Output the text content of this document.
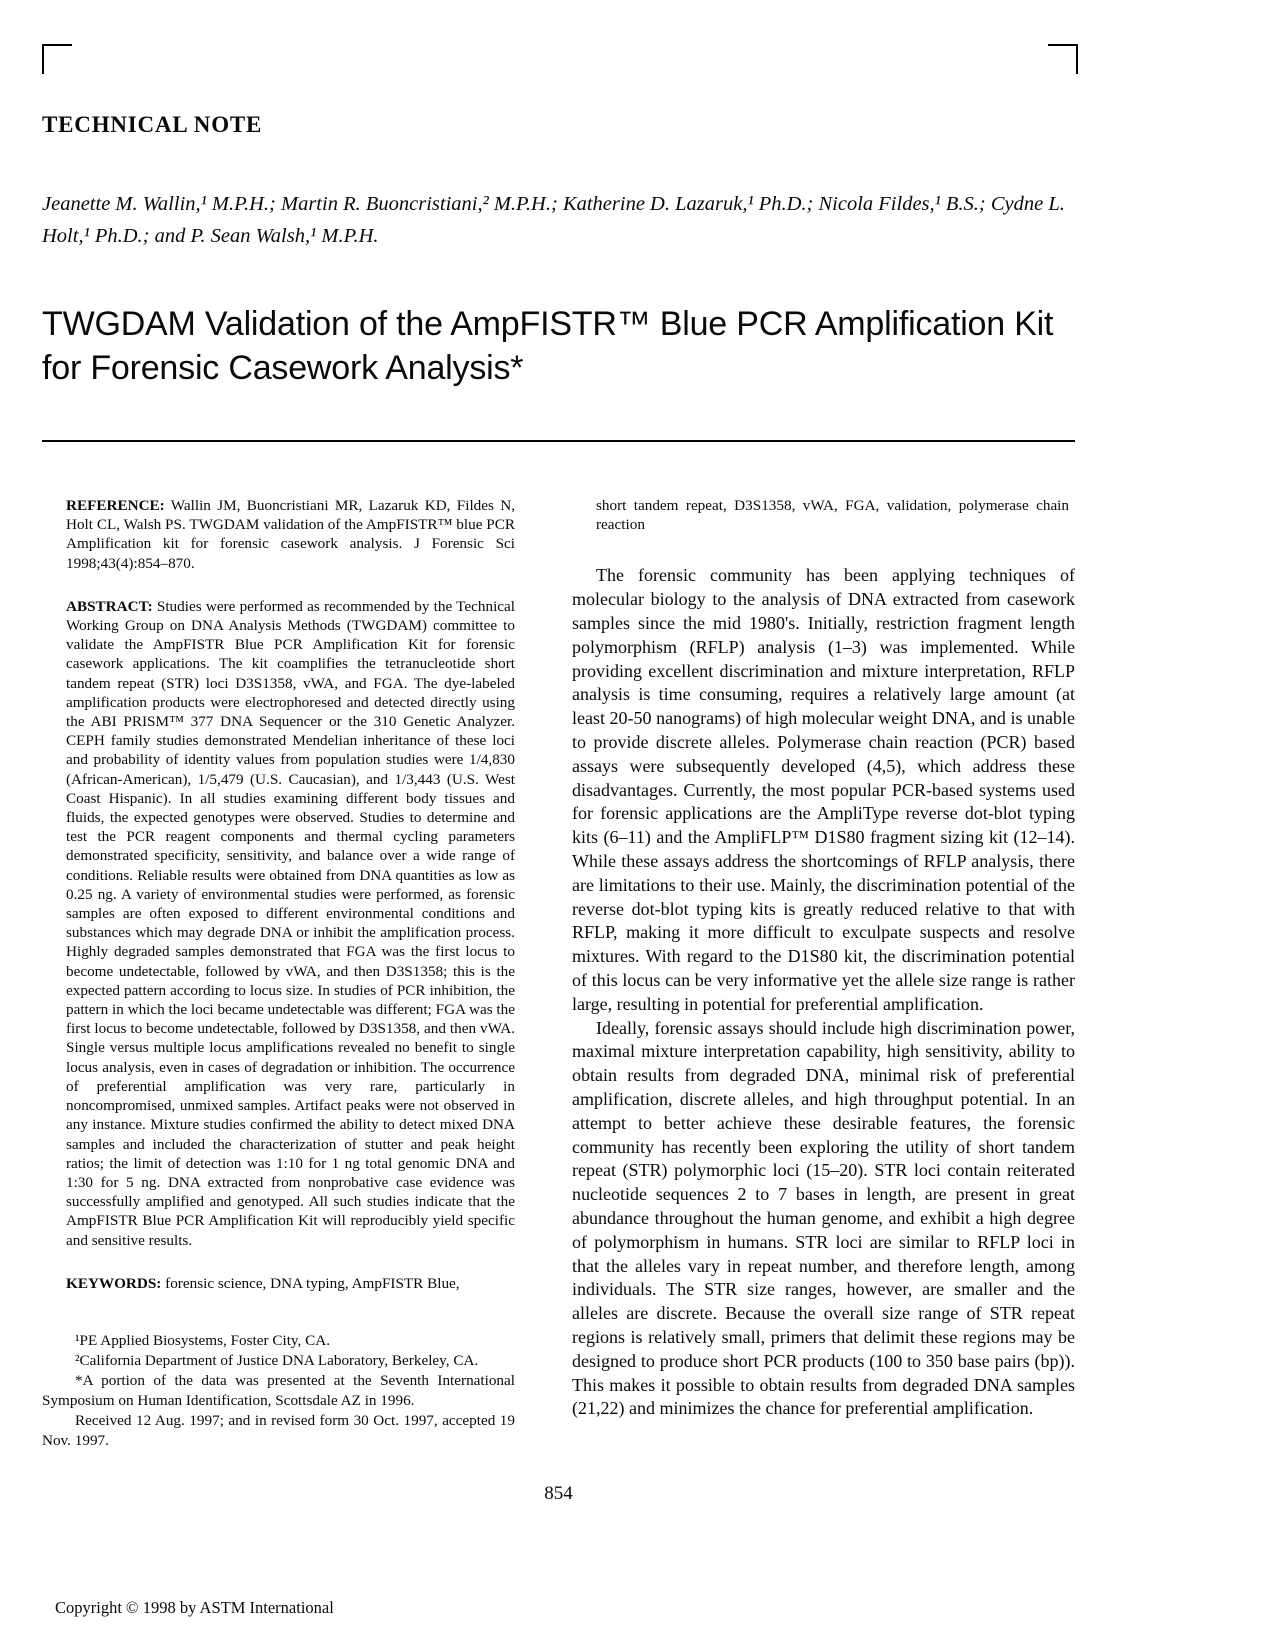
TECHNICAL NOTE

Jeanette M. Wallin,¹ M.P.H.; Martin R. Buoncristiani,² M.P.H.; Katherine D. Lazaruk,¹ Ph.D.; Nicola Fildes,¹ B.S.; Cydne L. Holt,¹ Ph.D.; and P. Sean Walsh,¹ M.P.H.

TWGDAM Validation of the AmpFISTR™ Blue PCR Amplification Kit for Forensic Casework Analysis*

REFERENCE: Wallin JM, Buoncristiani MR, Lazaruk KD, Fildes N, Holt CL, Walsh PS. TWGDAM validation of the AmpFISTR™ blue PCR Amplification kit for forensic casework analysis. J Forensic Sci 1998;43(4):854–870.

ABSTRACT: Studies were performed as recommended by the Technical Working Group on DNA Analysis Methods (TWGDAM) committee to validate the AmpFISTR Blue PCR Amplification Kit for forensic casework applications. The kit coamplifies the tetranucleotide short tandem repeat (STR) loci D3S1358, vWA, and FGA. The dye-labeled amplification products were electrophoresed and detected directly using the ABI PRISM™ 377 DNA Sequencer or the 310 Genetic Analyzer. CEPH family studies demonstrated Mendelian inheritance of these loci and probability of identity values from population studies were 1/4,830 (African-American), 1/5,479 (U.S. Caucasian), and 1/3,443 (U.S. West Coast Hispanic). In all studies examining different body tissues and fluids, the expected genotypes were observed. Studies to determine and test the PCR reagent components and thermal cycling parameters demonstrated specificity, sensitivity, and balance over a wide range of conditions. Reliable results were obtained from DNA quantities as low as 0.25 ng. A variety of environmental studies were performed, as forensic samples are often exposed to different environmental conditions and substances which may degrade DNA or inhibit the amplification process. Highly degraded samples demonstrated that FGA was the first locus to become undetectable, followed by vWA, and then D3S1358; this is the expected pattern according to locus size. In studies of PCR inhibition, the pattern in which the loci became undetectable was different; FGA was the first locus to become undetectable, followed by D3S1358, and then vWA. Single versus multiple locus amplifications revealed no benefit to single locus analysis, even in cases of degradation or inhibition. The occurrence of preferential amplification was very rare, particularly in noncompromised, unmixed samples. Artifact peaks were not observed in any instance. Mixture studies confirmed the ability to detect mixed DNA samples and included the characterization of stutter and peak height ratios; the limit of detection was 1:10 for 1 ng total genomic DNA and 1:30 for 5 ng. DNA extracted from nonprobative case evidence was successfully amplified and genotyped. All such studies indicate that the AmpFISTR Blue PCR Amplification Kit will reproducibly yield specific and sensitive results.

KEYWORDS: forensic science, DNA typing, AmpFISTR Blue,

¹PE Applied Biosystems, Foster City, CA.

²California Department of Justice DNA Laboratory, Berkeley, CA.

*A portion of the data was presented at the Seventh International Symposium on Human Identification, Scottsdale AZ in 1996.

Received 12 Aug. 1997; and in revised form 30 Oct. 1997, accepted 19 Nov. 1997.

short tandem repeat, D3S1358, vWA, FGA, validation, polymerase chain reaction

The forensic community has been applying techniques of molecular biology to the analysis of DNA extracted from casework samples since the mid 1980's. Initially, restriction fragment length polymorphism (RFLP) analysis (1–3) was implemented. While providing excellent discrimination and mixture interpretation, RFLP analysis is time consuming, requires a relatively large amount (at least 20-50 nanograms) of high molecular weight DNA, and is unable to provide discrete alleles. Polymerase chain reaction (PCR) based assays were subsequently developed (4,5), which address these disadvantages. Currently, the most popular PCR-based systems used for forensic applications are the AmpliType reverse dot-blot typing kits (6–11) and the AmpliFLP™ D1S80 fragment sizing kit (12–14). While these assays address the shortcomings of RFLP analysis, there are limitations to their use. Mainly, the discrimination potential of the reverse dot-blot typing kits is greatly reduced relative to that with RFLP, making it more difficult to exculpate suspects and resolve mixtures. With regard to the D1S80 kit, the discrimination potential of this locus can be very informative yet the allele size range is rather large, resulting in potential for preferential amplification.

Ideally, forensic assays should include high discrimination power, maximal mixture interpretation capability, high sensitivity, ability to obtain results from degraded DNA, minimal risk of preferential amplification, discrete alleles, and high throughput potential. In an attempt to better achieve these desirable features, the forensic community has recently been exploring the utility of short tandem repeat (STR) polymorphic loci (15–20). STR loci contain reiterated nucleotide sequences 2 to 7 bases in length, are present in great abundance throughout the human genome, and exhibit a high degree of polymorphism in humans. STR loci are similar to RFLP loci in that the alleles vary in repeat number, and therefore length, among individuals. The STR size ranges, however, are smaller and the alleles are discrete. Because the overall size range of STR repeat regions is relatively small, primers that delimit these regions may be designed to produce short PCR products (100 to 350 base pairs (bp)). This makes it possible to obtain results from degraded DNA samples (21,22) and minimizes the chance for preferential amplification.

854
Copyright © 1998 by ASTM International
